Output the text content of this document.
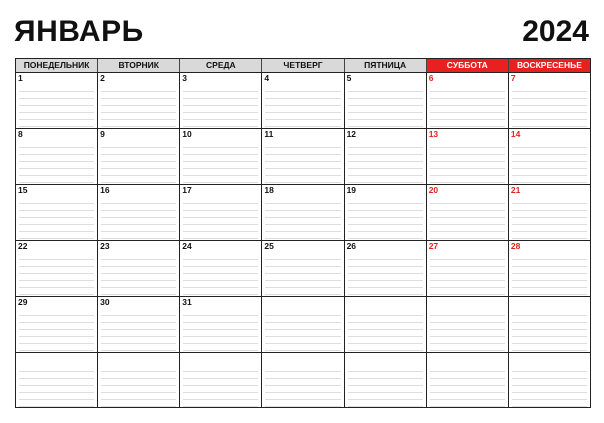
ЯНВАРЬ	2024
ПОНЕДЕЛЬНИК	ВТОРНИК	СРЕДА	ЧЕТВЕРГ	ПЯТНИЦА	СУББОТА	ВОСКРЕСЕНЬЕ
1	2	3	4	5	6	7
8	9	10	11	12	13	14
15	16	17	18	19	20	21
22	23	24	25	26	27	28
29	30	31
